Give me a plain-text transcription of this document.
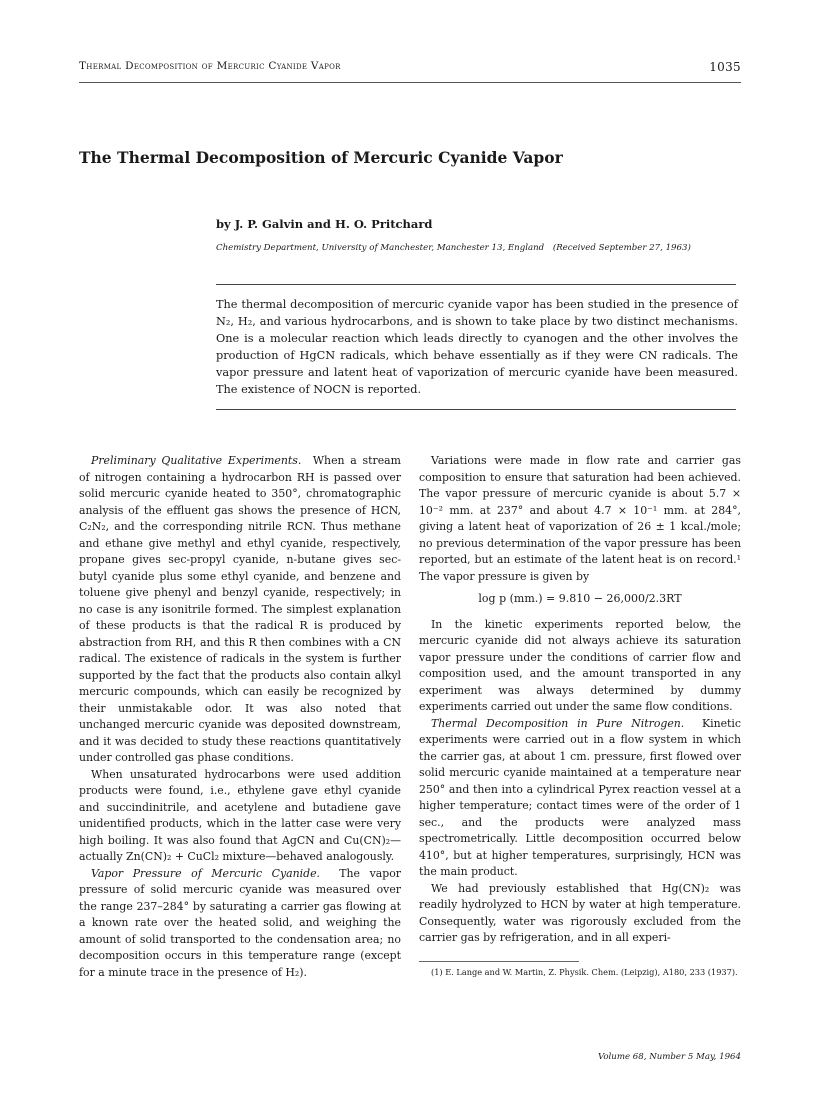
Thermal Decomposition of Mercuric Cyanide Vapor	1035
The Thermal Decomposition of Mercuric Cyanide Vapor
by J. P. Galvin and H. O. Pritchard
Chemistry Department, University of Manchester, Manchester 13, England (Received September 27, 1963)
The thermal decomposition of mercuric cyanide vapor has been studied in the presence of N₂, H₂, and various hydrocarbons, and is shown to take place by two distinct mechanisms. One is a molecular reaction which leads directly to cyanogen and the other involves the production of HgCN radicals, which behave essentially as if they were CN radicals. The vapor pressure and latent heat of vaporization of mercuric cyanide have been measured. The existence of NOCN is reported.

Preliminary Qualitative Experiments. When a stream of nitrogen containing a hydrocarbon RH is passed over solid mercuric cyanide heated to 350°, chromatographic analysis of the effluent gas shows the presence of HCN, C₂N₂, and the corresponding nitrile RCN. Thus methane and ethane give methyl and ethyl cyanide, respectively, propane gives sec-propyl cyanide, n-butane gives sec-butyl cyanide plus some ethyl cyanide, and benzene and toluene give phenyl and benzyl cyanide, respectively; in no case is any isonitrile formed. The simplest explanation of these products is that the radical R is produced by abstraction from RH, and this R then combines with a CN radical. The existence of radicals in the system is further supported by the fact that the products also contain alkyl mercuric compounds, which can easily be recognized by their unmistakable odor. It was also noted that unchanged mercuric cyanide was deposited downstream, and it was decided to study these reactions quantitatively under controlled gas phase conditions.

When unsaturated hydrocarbons were used addition products were found, i.e., ethylene gave ethyl cyanide and succindinitrile, and acetylene and butadiene gave unidentified products, which in the latter case were very high boiling. It was also found that AgCN and Cu(CN)₂—actually Zn(CN)₂ + CuCl₂ mixture—behaved analogously.

Vapor Pressure of Mercuric Cyanide. The vapor pressure of solid mercuric cyanide was measured over the range 237–284° by saturating a carrier gas flowing at a known rate over the heated solid, and weighing the amount of solid transported to the condensation area; no decomposition occurs in this temperature range (except for a minute trace in the presence of H₂).

Variations were made in flow rate and carrier gas composition to ensure that saturation had been achieved. The vapor pressure of mercuric cyanide is about 5.7 × 10⁻² mm. at 237° and about 4.7 × 10⁻¹ mm. at 284°, giving a latent heat of vaporization of 26 ± 1 kcal./mole; no previous determination of the vapor pressure has been reported, but an estimate of the latent heat is on record.¹ The vapor pressure is given by

log p (mm.) = 9.810 − 26,000/2.3RT

In the kinetic experiments reported below, the mercuric cyanide did not always achieve its saturation vapor pressure under the conditions of carrier flow and composition used, and the amount transported in any experiment was always determined by dummy experiments carried out under the same flow conditions.

Thermal Decomposition in Pure Nitrogen. Kinetic experiments were carried out in a flow system in which the carrier gas, at about 1 cm. pressure, first flowed over solid mercuric cyanide maintained at a temperature near 250° and then into a cylindrical Pyrex reaction vessel at a higher temperature; contact times were of the order of 1 sec., and the products were analyzed mass spectrometrically. Little decomposition occurred below 410°, but at higher temperatures, surprisingly, HCN was the main product.

We had previously established that Hg(CN)₂ was readily hydrolyzed to HCN by water at high temperature. Consequently, water was rigorously excluded from the carrier gas by refrigeration, and in all experi-

(1) E. Lange and W. Martin, Z. Physik. Chem. (Leipzig), A180, 233 (1937).

Volume 68, Number 5 May, 1964
